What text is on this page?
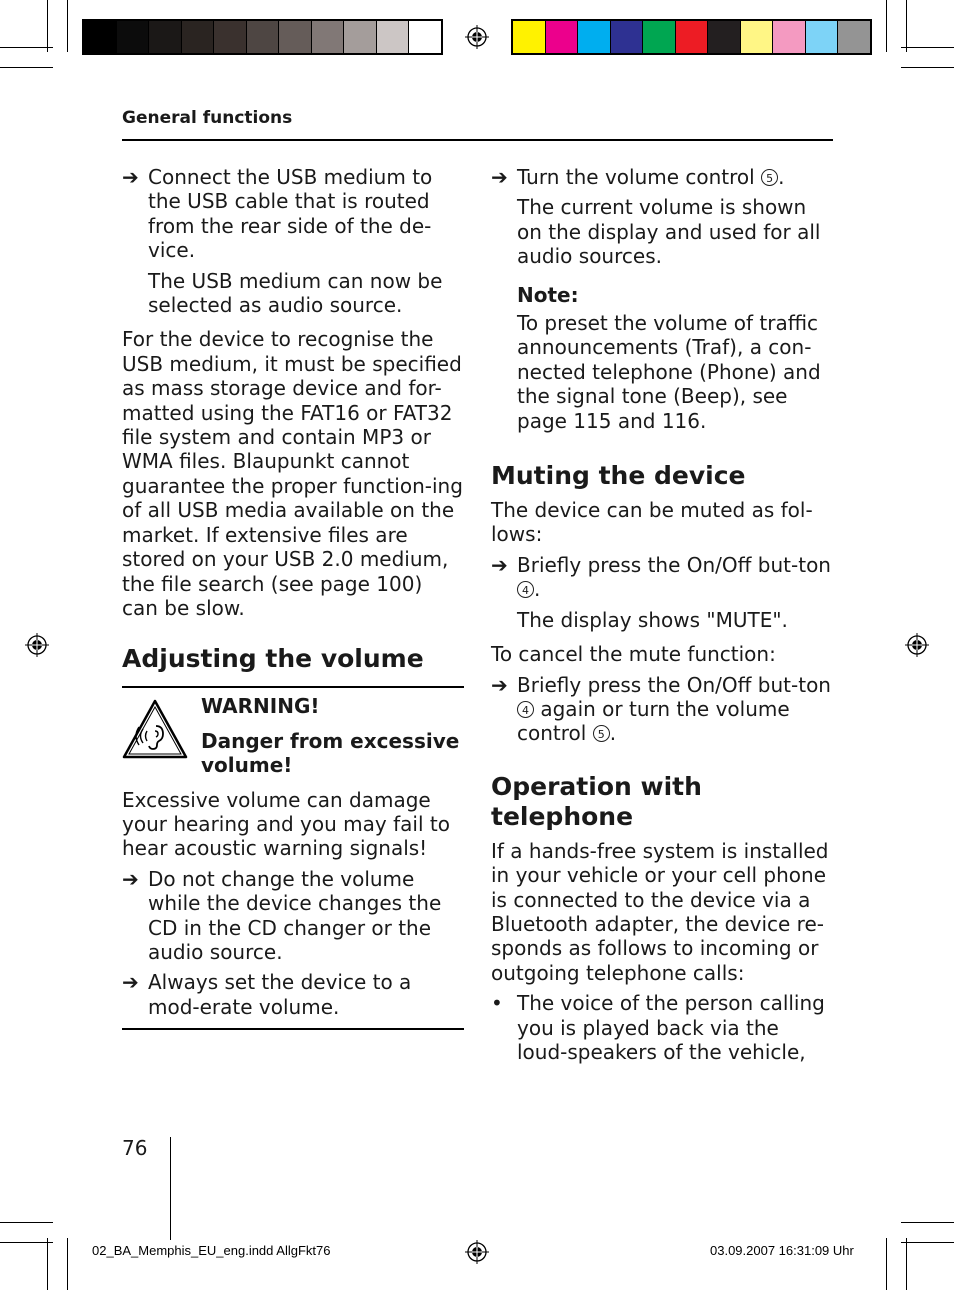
General functions
➔ Connect the USB medium to the USB cable that is routed from the rear side of the de-vice.

The USB medium can now be selected as audio source.

For the device to recognise the USB medium, it must be specified as mass storage device and for-matted using the FAT16 or FAT32 file system and contain MP3 or WMA files. Blaupunkt cannot guarantee the proper function-ing of all USB media available on the market. If extensive files are stored on your USB 2.0 medium, the file search (see page 100) can be slow.

Adjusting the volume

WARNING!

Danger from excessive volume!

Excessive volume can damage your hearing and you may fail to hear acoustic warning signals!

➔ Do not change the volume while the device changes the CD in the CD changer or the audio source.

➔ Always set the device to a mod-erate volume.

➔ Turn the volume control 5 .

The current volume is shown on the display and used for all audio sources.

Note:

To preset the volume of traffic announcements (Traf), a con-nected telephone (Phone) and the signal tone (Beep), see page 115 and 116.

Muting the device

The device can be muted as fol-lows:

➔ Briefly press the On/Off but-ton 4 .

The display shows "MUTE".

To cancel the mute function:

➔ Briefly press the On/Off but-ton 4 again or turn the volume control 5 .

Operation with telephone

If a hands-free system is installed in your vehicle or your cell phone is connected to the device via a Bluetooth adapter, the device re-sponds as follows to incoming or outgoing telephone calls:

• The voice of the person calling you is played back via the loud-speakers of the vehicle,

76
02_BA_Memphis_EU_eng.indd AllgFkt76	03.09.2007 16:31:09 Uhr
